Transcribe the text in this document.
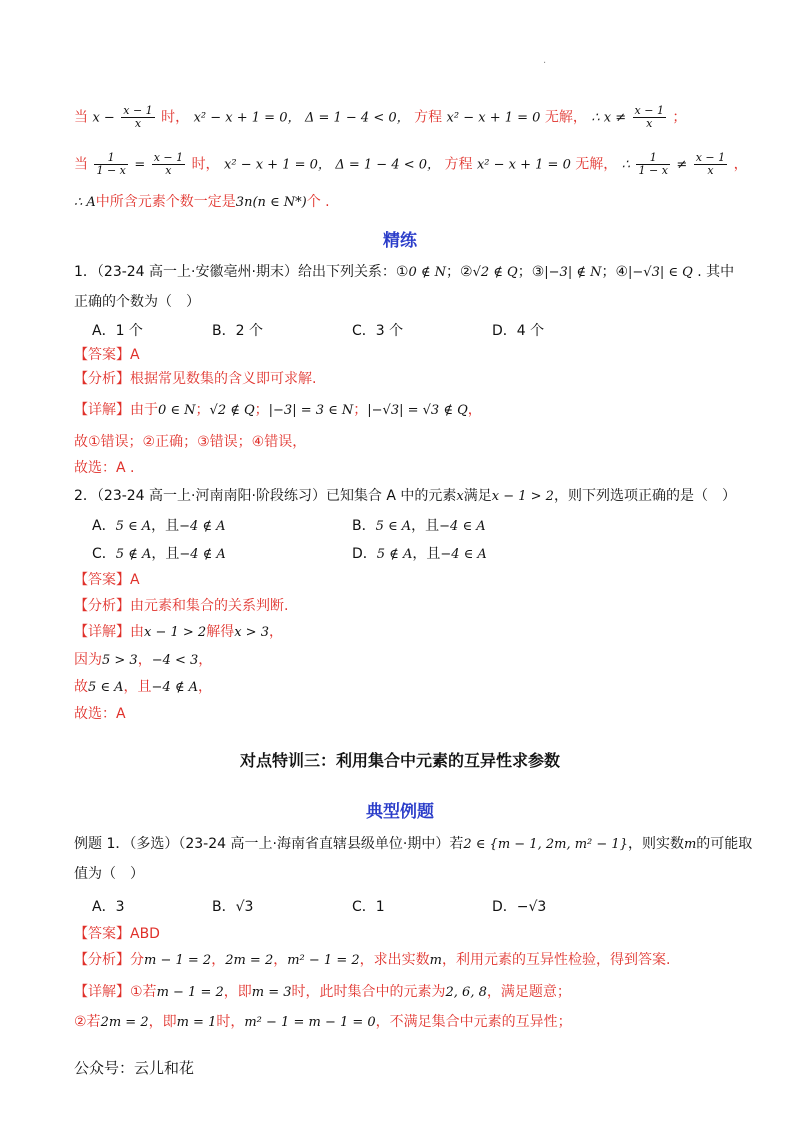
·
当 $x - \frac{x - 1}{x}$ 时， x² − x + 1 = 0， Δ = 1 − 4 < 0， 方程 x² − x + 1 = 0 无解， ∴ $x \ne \frac{x - 1}{x}$ ；
当 $\frac{1}{1 - x} = \frac{x - 1}{x}$ 时， x² − x + 1 = 0， Δ = 1 − 4 < 0， 方程 x² − x + 1 = 0 无解， ∴ $\frac{1}{1 - x} \ne \frac{x - 1}{x}$ ，
∴ A中所含元素个数一定是3n(n ∈ N*)个 .
精练
1．（23-24 高一上·安徽亳州·期末）给出下列关系：①0 ∉ N；②√2 ∉ Q；③|−3| ∉ N；④|−√3| ∈ Q . 其中
正确的个数为（　）
A．1 个	B．2 个	C．3 个	D．4 个
【答案】A
【分析】根据常见数集的含义即可求解.
【详解】由于0 ∈ N；√2 ∉ Q；|−3| = 3 ∈ N；|−√3| = √3 ∉ Q，
故①错误；②正确；③错误；④错误，
故选：A .
2．（23-24 高一上·河南南阳·阶段练习）已知集合 A 中的元素x满足x − 1 > 2，则下列选项正确的是（　）
A．5 ∈ A，且−4 ∉ A	B．5 ∈ A，且−4 ∈ A
C．5 ∉ A，且−4 ∉ A	D．5 ∉ A，且−4 ∈ A
【答案】A
【分析】由元素和集合的关系判断.
【详解】由x − 1 > 2解得x > 3，
因为5 > 3，−4 < 3，
故5 ∈ A，且−4 ∉ A，
故选：A
对点特训三：利用集合中元素的互异性求参数
典型例题
例题 1．（多选）（23-24 高一上·海南省直辖县级单位·期中）若2 ∈ {m − 1, 2m, m² − 1}，则实数m的可能取
值为（　）
A．3	B．√3	C．1	D．−√3
【答案】ABD
【分析】分m − 1 = 2，2m = 2，m² − 1 = 2，求出实数m，利用元素的互异性检验，得到答案.
【详解】①若m − 1 = 2，即m = 3时，此时集合中的元素为2, 6, 8，满足题意；
②若2m = 2，即m = 1时，m² − 1 = m − 1 = 0，不满足集合中元素的互异性；
公众号：云儿和花
